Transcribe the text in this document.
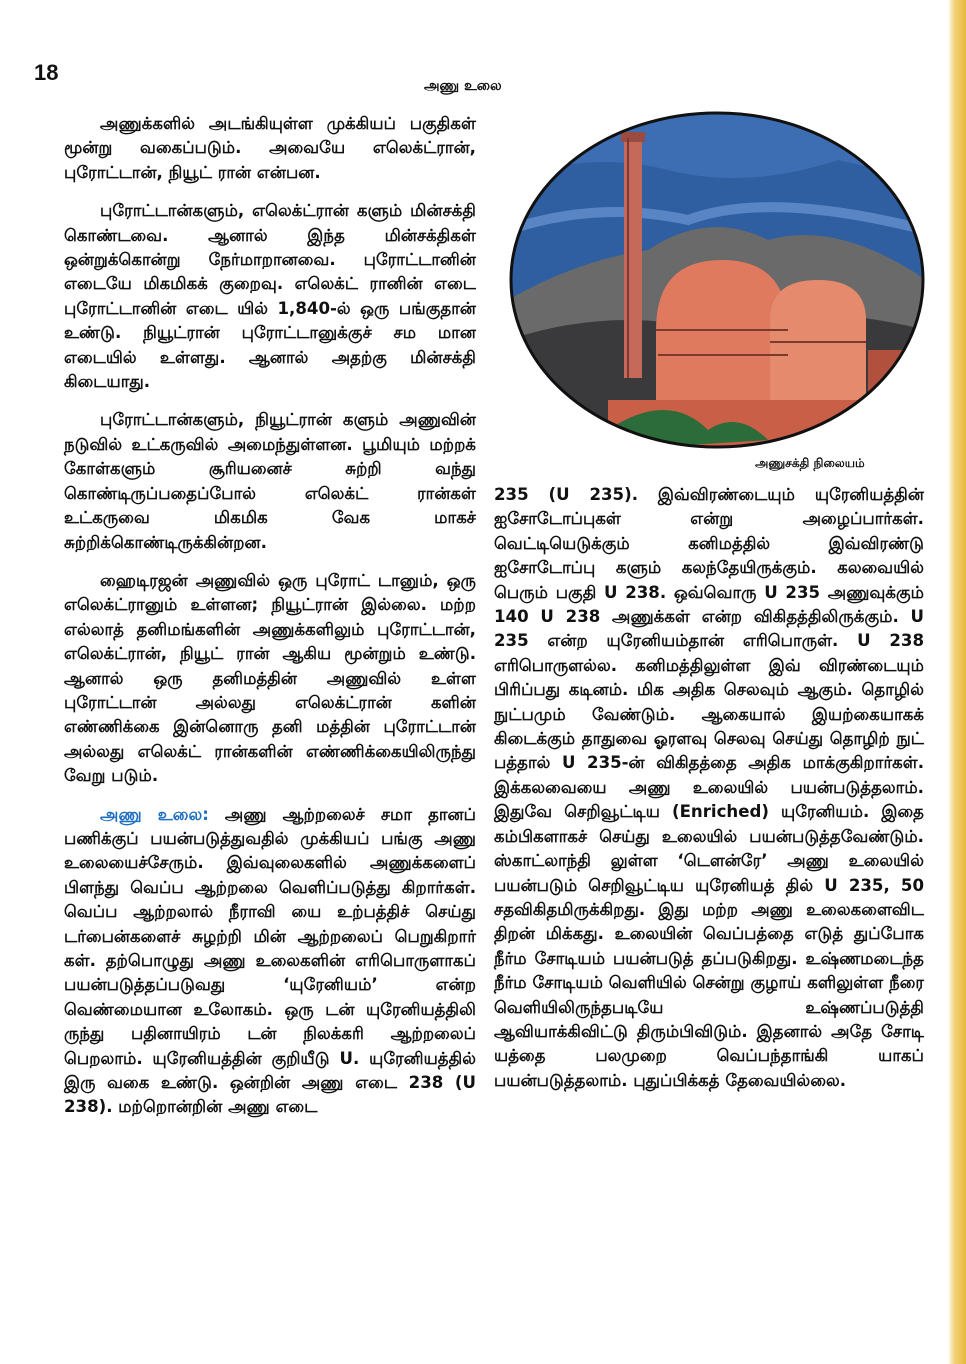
18
அணு உலை

அணுக்களில் அடங்கியுள்ள முக்கியப் பகுதிகள் மூன்று வகைப்படும். அவையே எலெக்ட்ரான், புரோட்டான், நியூட் ரான் என்பன.

புரோட்டான்களும், எலெக்ட்ரான் களும் மின்சக்தி கொண்டவை. ஆனால் இந்த மின்சக்திகள் ஒன்றுக்கொன்று நேர்மாறானவை. புரோட்டானின் எடையே மிகமிகக் குறைவு. எலெக்ட் ரானின் எடை புரோட்டானின் எடை யில் 1,840-ல் ஒரு பங்குதான் உண்டு. நியூட்ரான் புரோட்டானுக்குச் சம மான எடையில் உள்ளது. ஆனால் அதற்கு மின்சக்தி கிடையாது.

புரோட்டான்களும், நியூட்ரான் களும் அணுவின் நடுவில் உட்கருவில் அமைந்துள்ளன. பூமியும் மற்றக் கோள்களும் சூரியனைச் சுற்றி வந்து கொண்டிருப்பதைப்போல் எலெக்ட் ரான்கள் உட்கருவை மிகமிக வேக மாகச் சுற்றிக்கொண்டிருக்கின்றன.

ஹைடிரஜன் அணுவில் ஒரு புரோட் டானும், ஒரு எலெக்ட்ரானும் உள்ளன; நியூட்ரான் இல்லை. மற்ற எல்லாத் தனிமங்களின் அணுக்களிலும் புரோட்டான், எலெக்ட்ரான், நியூட் ரான் ஆகிய மூன்றும் உண்டு. ஆனால் ஒரு தனிமத்தின் அணுவில் உள்ள புரோட்டான் அல்லது எலெக்ட்ரான் களின் எண்ணிக்கை இன்னொரு தனி மத்தின் புரோட்டான் அல்லது எலெக்ட் ரான்களின் எண்ணிக்கையிலிருந்து வேறு படும்.

அணு உலை: அணு ஆற்றலைச் சமா தானப் பணிக்குப் பயன்படுத்துவதில் முக்கியப் பங்கு அணு உலையைச்சேரும். இவ்வுலைகளில் அணுக்களைப் பிளந்து வெப்ப ஆற்றலை வெளிப்படுத்து கிறார்கள். வெப்ப ஆற்றலால் நீராவி யை உற்பத்திச் செய்து டர்பைன்களைச் சுழற்றி மின் ஆற்றலைப் பெறுகிறார் கள். தற்பொழுது அணு உலைகளின் எரிபொருளாகப் பயன்படுத்தப்படுவது ‘யுரேனியம்’ என்ற வெண்மையான உலோகம். ஒரு டன் யுரேனியத்திலி ருந்து பதினாயிரம் டன் நிலக்கரி ஆற்றலைப் பெறலாம். யுரேனியத்தின் குறியீடு U. யுரேனியத்தில் இரு வகை உண்டு. ஒன்றின் அணு எடை 238 (U 238). மற்றொன்றின் அணு எடை

அணுசக்தி நிலையம்

235 (U 235). இவ்விரண்டையும் யுரேனியத்தின் ஐசோடோப்புகள் என்று அழைப்பார்கள். வெட்டியெடுக்கும் கனிமத்தில் இவ்விரண்டு ஐசோடோப்பு களும் கலந்தேயிருக்கும். கலவையில் பெரும் பகுதி U 238. ஒவ்வொரு U 235 அணுவுக்கும் 140 U 238 அணுக்கள் என்ற விகிதத்திலிருக்கும். U 235 என்ற யுரேனியம்தான் எரிபொருள். U 238 எரிபொருளல்ல. கனிமத்திலுள்ள இவ் விரண்டையும் பிரிப்பது கடினம். மிக அதிக செலவும் ஆகும். தொழில் நுட்பமும் வேண்டும். ஆகையால் இயற்கையாகக் கிடைக்கும் தாதுவை ஓரளவு செலவு செய்து தொழிற் நுட் பத்தால் U 235-ன் விகிதத்தை அதிக மாக்குகிறார்கள். இக்கலவையை அணு உலையில் பயன்படுத்தலாம். இதுவே செறிவூட்டிய (Enriched) யுரேனியம். இதை கம்பிகளாகச் செய்து உலையில் பயன்படுத்தவேண்டும். ஸ்காட்லாந்தி லுள்ள ‘டௌன்ரே’ அணு உலையில் பயன்படும் செறிவூட்டிய யுரேனியத் தில் U 235, 50 சதவிகிதமிருக்கிறது. இது மற்ற அணு உலைகளைவிட திறன் மிக்கது. உலையின் வெப்பத்தை எடுத் துப்போக நீர்ம சோடியம் பயன்படுத் தப்படுகிறது. உஷ்ணமடைந்த நீர்ம சோடியம் வெளியில் சென்று குழாய் களிலுள்ள நீரை வெளியிலிருந்தபடியே உஷ்ணப்படுத்தி ஆவியாக்கிவிட்டு திரும்பிவிடும். இதனால் அதே சோடி யத்தை பலமுறை வெப்பந்தாங்கி யாகப் பயன்படுத்தலாம். புதுப்பிக்கத் தேவையில்லை.
